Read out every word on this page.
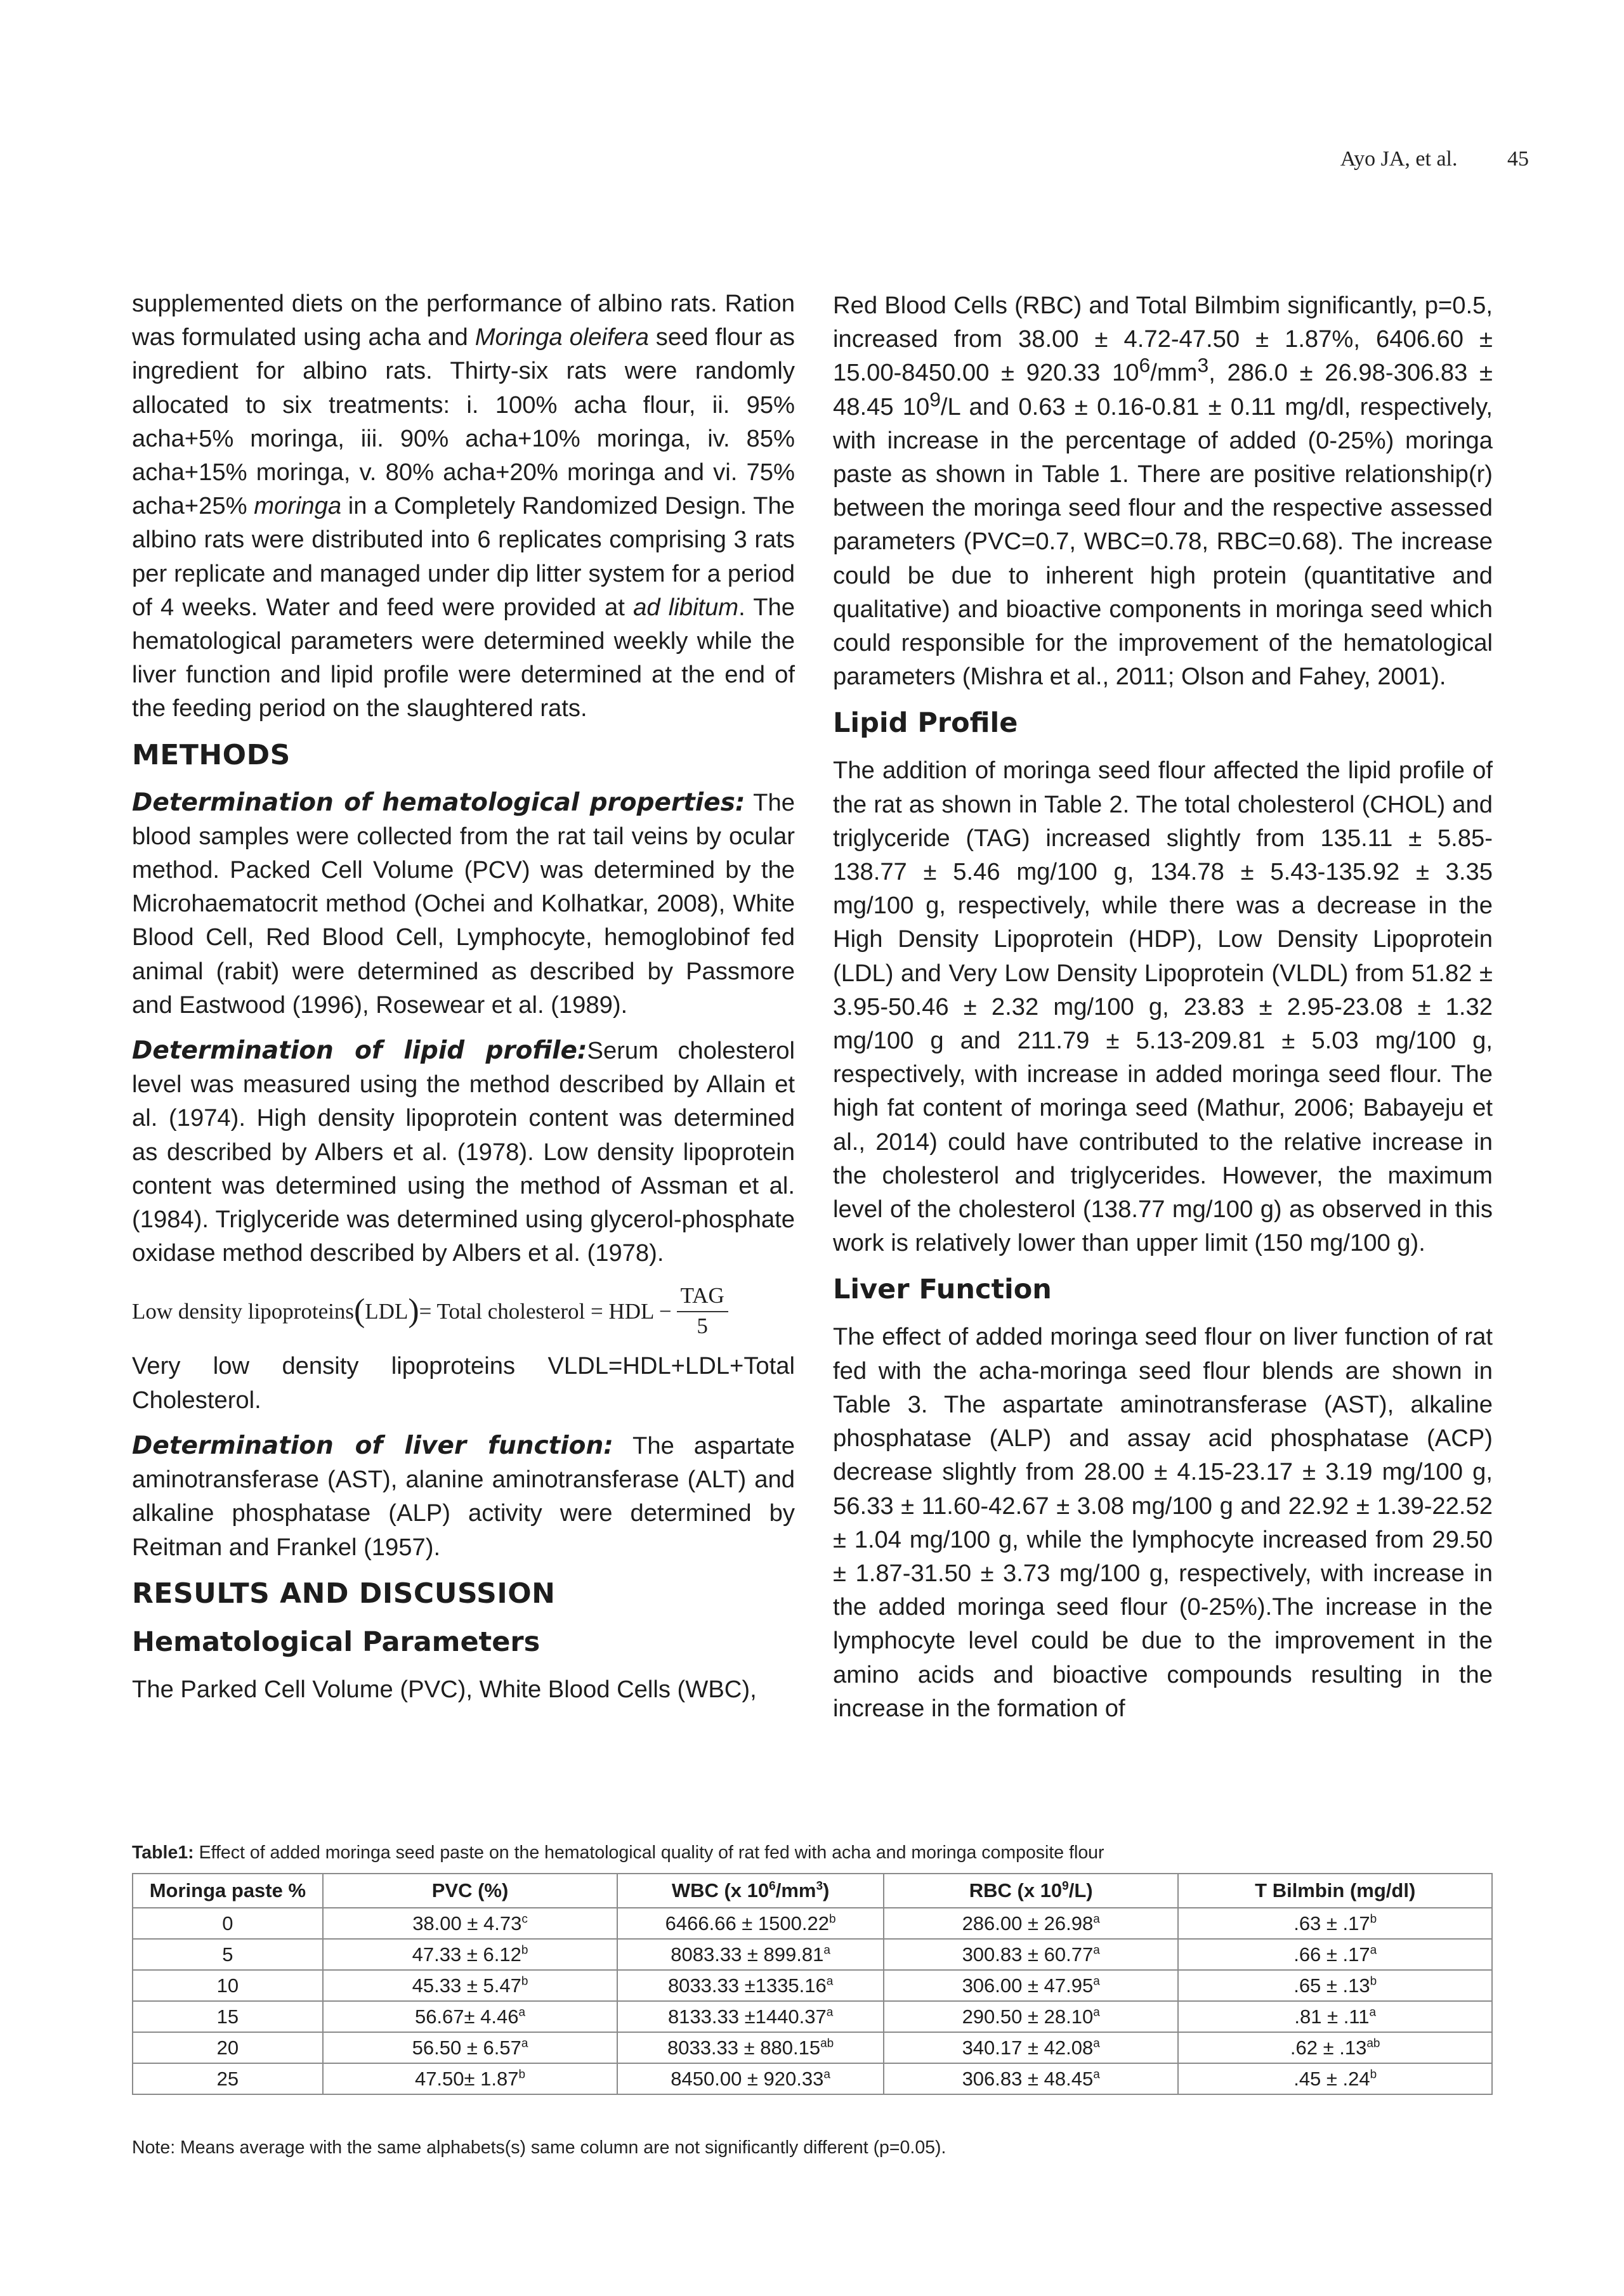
Ayo JA, et al. 45

supplemented diets on the performance of albino rats. Ration was formulated using acha and Moringa oleifera seed flour as ingredient for albino rats. Thirty-six rats were randomly allocated to six treatments: i. 100% acha flour, ii. 95% acha+5% moringa, iii. 90% acha+10% moringa, iv. 85% acha+15% moringa, v. 80% acha+20% moringa and vi. 75% acha+25% moringa in a Completely Randomized Design. The albino rats were distributed into 6 replicates comprising 3 rats per replicate and managed under dip litter system for a period of 4 weeks. Water and feed were provided at ad libitum. The hematological parameters were determined weekly while the liver function and lipid profile were determined at the end of the feeding period on the slaughtered rats.

METHODS

Determination of hematological properties: The blood samples were collected from the rat tail veins by ocular method. Packed Cell Volume (PCV) was determined by the Microhaematocrit method (Ochei and Kolhatkar, 2008), White Blood Cell, Red Blood Cell, Lymphocyte, hemoglobinof fed animal (rabit) were determined as described by Passmore and Eastwood (1996), Rosewear et al. (1989).

Determination of lipid profile:Serum cholesterol level was measured using the method described by Allain et al. (1974). High density lipoprotein content was determined as described by Albers et al. (1978). Low density lipoprotein content was determined using the method of Assman et al. (1984). Triglyceride was determined using glycerol-phosphate oxidase method described by Albers et al. (1978).

Low density lipoproteins ( LDL ) = Total cholesterol = HDL − $\frac{\text{TAG}}{5}$

Very low density lipoproteins VLDL=HDL+LDL+Total Cholesterol.

Determination of liver function: The aspartate aminotransferase (AST), alanine aminotransferase (ALT) and alkaline phosphatase (ALP) activity were determined by Reitman and Frankel (1957).

RESULTS AND DISCUSSION
Hematological Parameters

The Parked Cell Volume (PVC), White Blood Cells (WBC),

Red Blood Cells (RBC) and Total Bilmbim significantly, p=0.5, increased from 38.00 ± 4.72-47.50 ± 1.87%, 6406.60 ± 15.00-8450.00 ± 920.33 $10^6/mm^3$, 286.0 ± 26.98-306.83 ± 48.45 $10^9/L$ and 0.63 ± 0.16-0.81 ± 0.11 mg/dl, respectively, with increase in the percentage of added (0-25%) moringa paste as shown in Table 1. There are positive relationship(r) between the moringa seed flour and the respective assessed parameters (PVC=0.7, WBC=0.78, RBC=0.68). The increase could be due to inherent high protein (quantitative and qualitative) and bioactive components in moringa seed which could responsible for the improvement of the hematological parameters (Mishra et al., 2011; Olson and Fahey, 2001).

Lipid Profile

The addition of moringa seed flour affected the lipid profile of the rat as shown in Table 2. The total cholesterol (CHOL) and triglyceride (TAG) increased slightly from 135.11 ± 5.85-138.77 ± 5.46 mg/100 g, 134.78 ± 5.43-135.92 ± 3.35 mg/100 g, respectively, while there was a decrease in the High Density Lipoprotein (HDP), Low Density Lipoprotein (LDL) and Very Low Density Lipoprotein (VLDL) from 51.82 ± 3.95-50.46 ± 2.32 mg/100 g, 23.83 ± 2.95-23.08 ± 1.32 mg/100 g and 211.79 ± 5.13-209.81 ± 5.03 mg/100 g, respectively, with increase in added moringa seed flour. The high fat content of moringa seed (Mathur, 2006; Babayeju et al., 2014) could have contributed to the relative increase in the cholesterol and triglycerides. However, the maximum level of the cholesterol (138.77 mg/100 g) as observed in this work is relatively lower than upper limit (150 mg/100 g).

Liver Function

The effect of added moringa seed flour on liver function of rat fed with the acha-moringa seed flour blends are shown in Table 3. The aspartate aminotransferase (AST), alkaline phosphatase (ALP) and assay acid phosphatase (ACP) decrease slightly from 28.00 ± 4.15-23.17 ± 3.19 mg/100 g, 56.33 ± 11.60-42.67 ± 3.08 mg/100 g and 22.92 ± 1.39-22.52 ± 1.04 mg/100 g, while the lymphocyte increased from 29.50 ± 1.87-31.50 ± 3.73 mg/100 g, respectively, with increase in the added moringa seed flour (0-25%).The increase in the lymphocyte level could be due to the improvement in the amino acids and bioactive compounds resulting in the increase in the formation of

Table1: Effect of added moringa seed paste on the hematological quality of rat fed with acha and moringa composite flour
Moringa paste %	PVC (%)	WBC (x $10^6/mm^3$)	RBC (x $10^9/L$)	T Bilmbin (mg/dl)
0	38.00 ± 4.73$^c$	6466.66 ± 1500.22$^b$	286.00 ± 26.98$^a$	.63 ± .17$^b$
5	47.33 ± 6.12$^b$	8083.33 ± 899.81$^a$	300.83 ± 60.77$^a$	.66 ± .17$^a$
10	45.33 ± 5.47$^b$	8033.33 ±1335.16$^a$	306.00 ± 47.95$^a$	.65 ± .13$^b$
15	56.67± 4.46$^a$	8133.33 ±1440.37$^a$	290.50 ± 28.10$^a$	.81 ± .11$^a$
20	56.50 ± 6.57$^a$	8033.33 ± 880.15$^{ab}$	340.17 ± 42.08$^a$	.62 ± .13$^{ab}$
25	47.50± 1.87$^b$	8450.00 ± 920.33$^a$	306.83 ± 48.45$^a$	.45 ± .24$^b$
Note: Means average with the same alphabets(s) same column are not significantly different (p=0.05).
